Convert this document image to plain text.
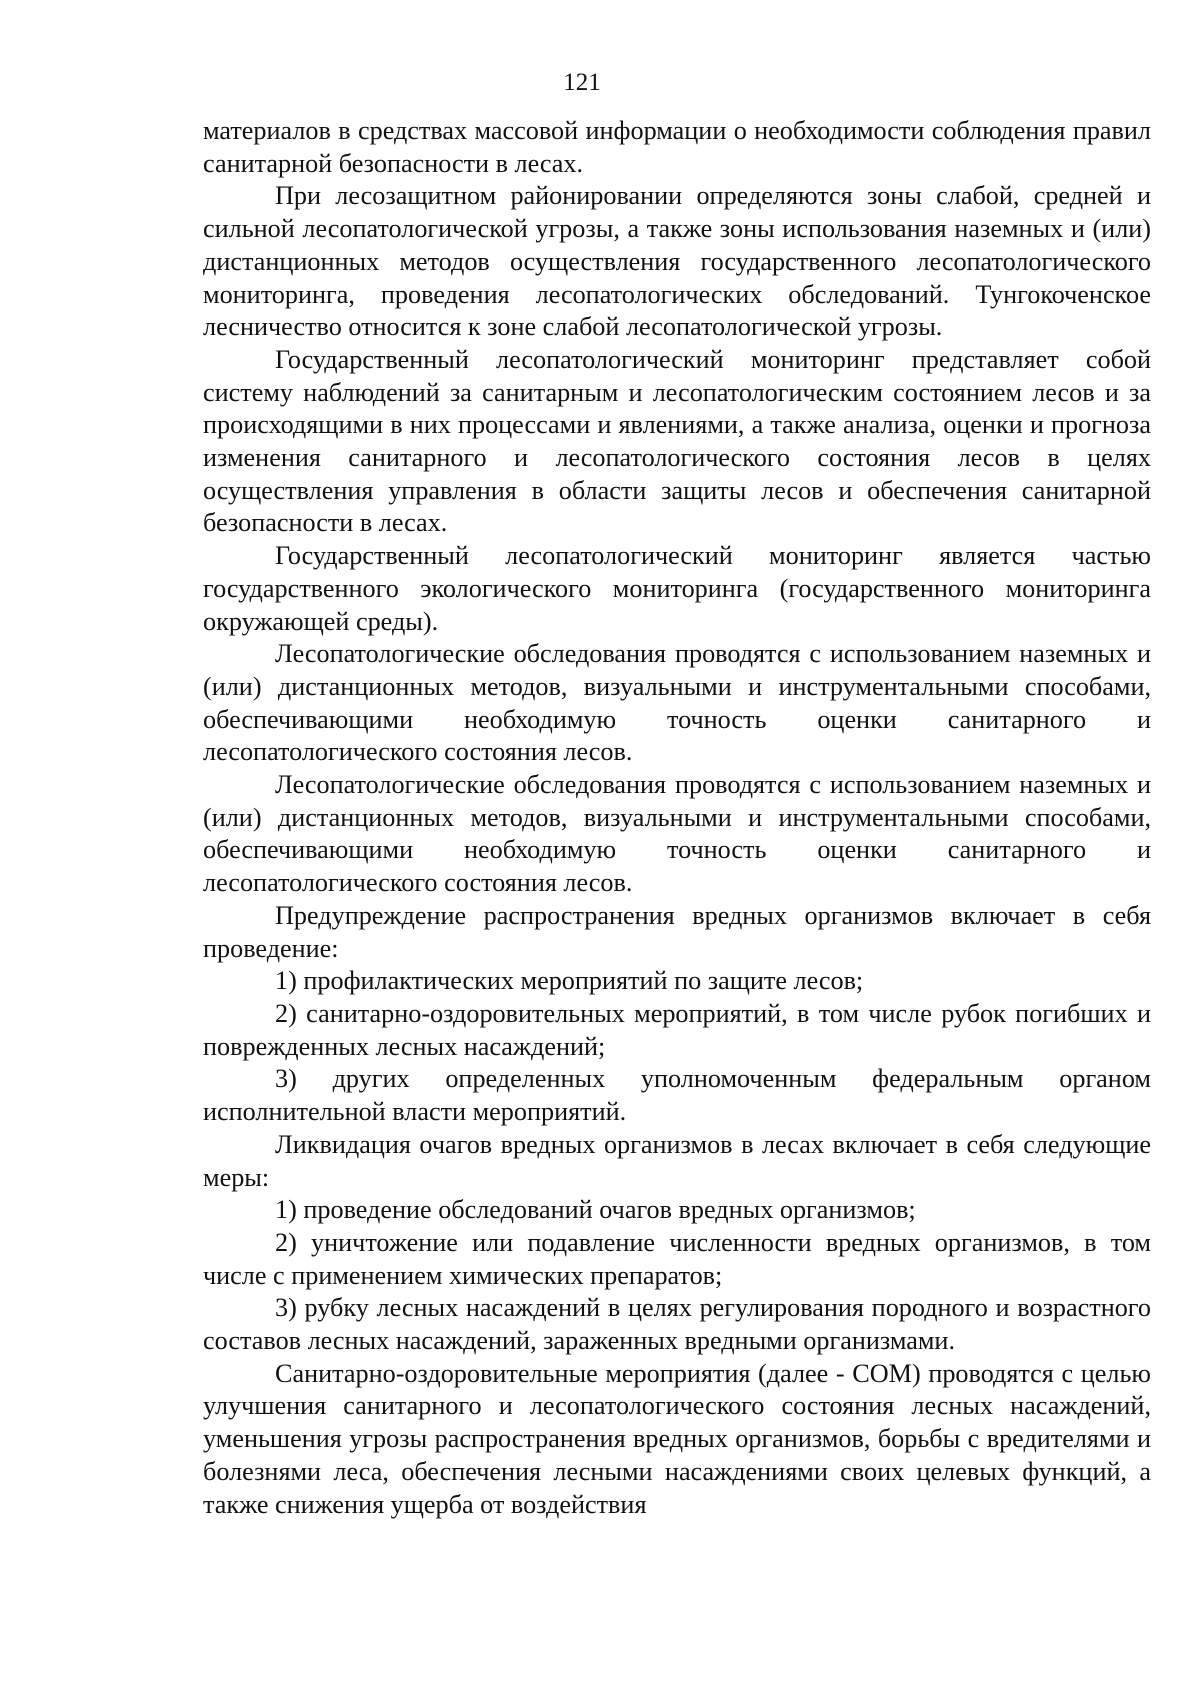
121

материалов в средствах массовой информации о необходимости соблюдения правил санитарной безопасности в лесах.

При лесозащитном районировании определяются зоны слабой, средней и сильной лесопатологической угрозы, а также зоны использования наземных и (или) дистанционных методов осуществления государственного лесопатологического мониторинга, проведения лесопатологических обследований. Тунгокоченское лесничество относится к зоне слабой лесопатологической угрозы.

Государственный лесопатологический мониторинг представляет собой систему наблюдений за санитарным и лесопатологическим состоянием лесов и за происходящими в них процессами и явлениями, а также анализа, оценки и прогноза изменения санитарного и лесопатологического состояния лесов в целях осуществления управления в области защиты лесов и обеспечения санитарной безопасности в лесах.

Государственный лесопатологический мониторинг является частью государственного экологического мониторинга (государственного мониторинга окружающей среды).

Лесопатологические обследования проводятся с использованием наземных и (или) дистанционных методов, визуальными и инструментальными способами, обеспечивающими необходимую точность оценки санитарного и лесопатологического состояния лесов.

Лесопатологические обследования проводятся с использованием наземных и (или) дистанционных методов, визуальными и инструментальными способами, обеспечивающими необходимую точность оценки санитарного и лесопатологического состояния лесов.

Предупреждение распространения вредных организмов включает в себя проведение:

1) профилактических мероприятий по защите лесов;

2) санитарно-оздоровительных мероприятий, в том числе рубок погибших и поврежденных лесных насаждений;

3) других определенных уполномоченным федеральным органом исполнительной власти мероприятий.

Ликвидация очагов вредных организмов в лесах включает в себя следующие меры:

1) проведение обследований очагов вредных организмов;

2) уничтожение или подавление численности вредных организмов, в том числе с применением химических препаратов;

3) рубку лесных насаждений в целях регулирования породного и возрастного составов лесных насаждений, зараженных вредными организмами.

Санитарно-оздоровительные мероприятия (далее - СОМ) проводятся с целью улучшения санитарного и лесопатологического состояния лесных насаждений, уменьшения угрозы распространения вредных организмов, борьбы с вредителями и болезнями леса, обеспечения лесными насаждениями своих целевых функций, а также снижения ущерба от воздействия
